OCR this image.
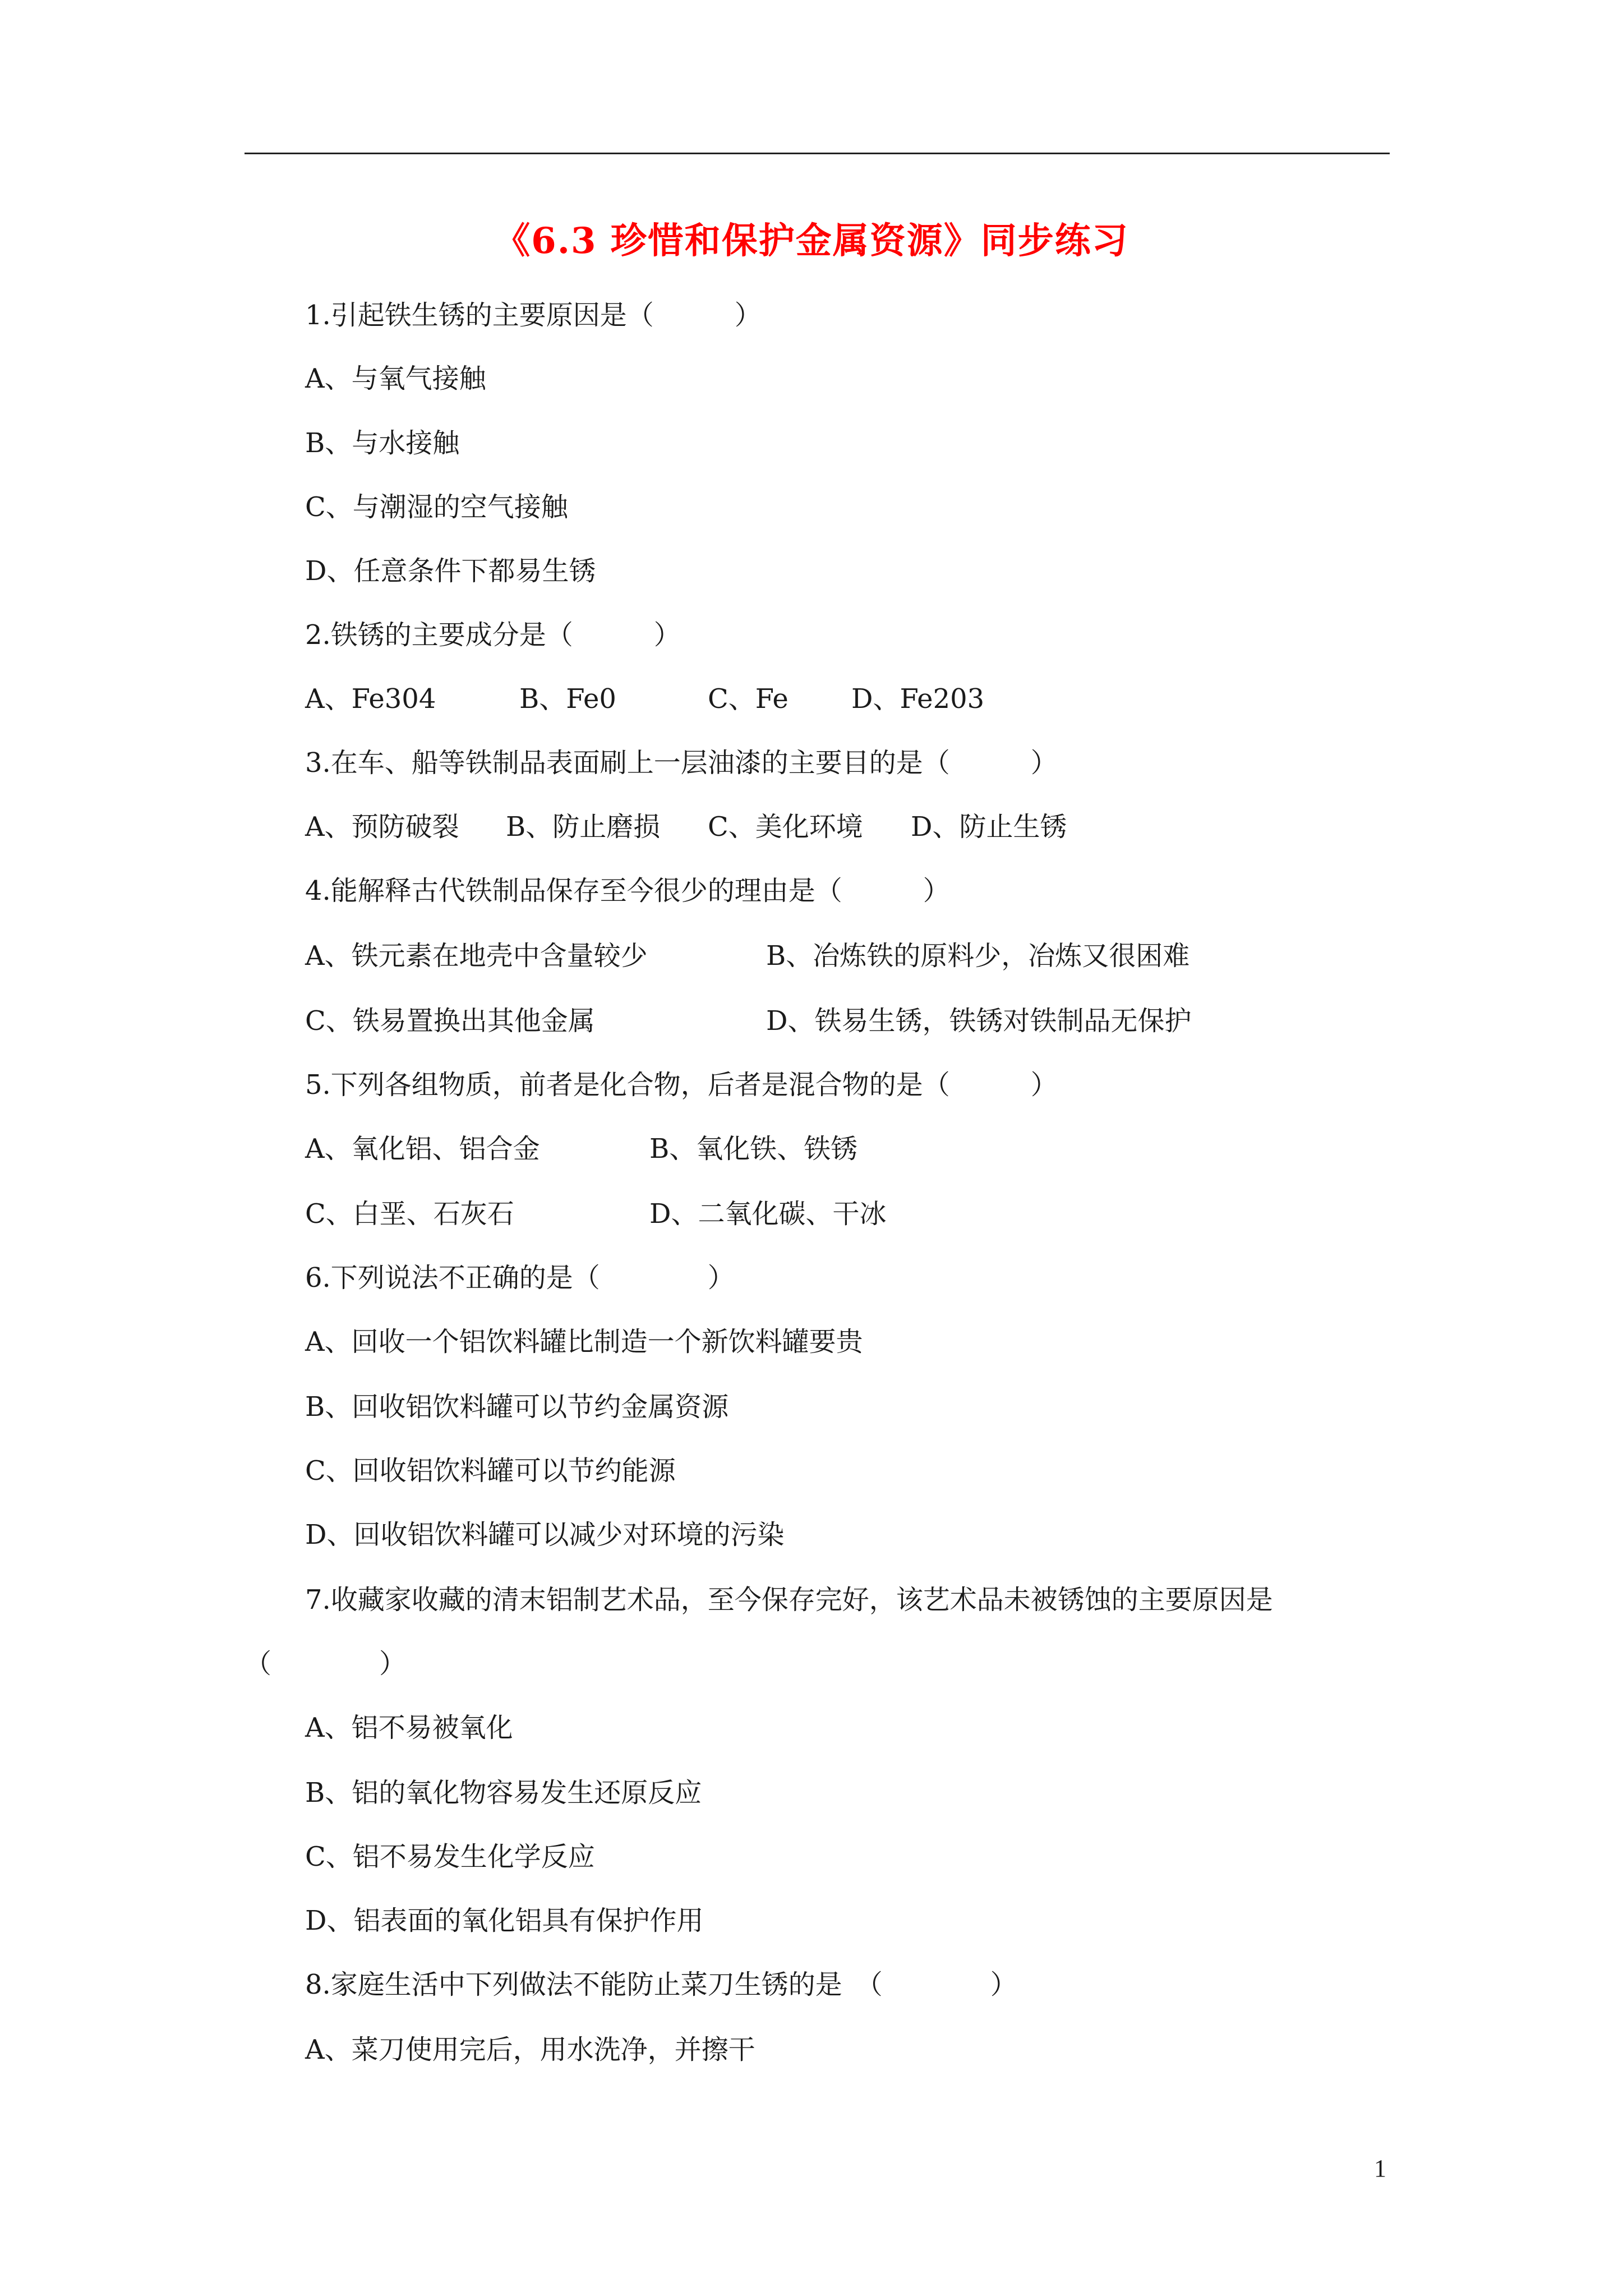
《6.3 珍惜和保护金属资源》同步练习
1.引起铁生锈的主要原因是（　　　）
A、与氧气接触
B、与水接触
C、与潮湿的空气接触
D、任意条件下都易生锈
2.铁锈的主要成分是（　　　）
A、Fe304	B、Fe0	C、Fe D、Fe203
3.在车、船等铁制品表面刷上一层油漆的主要目的是（　　　）
A、预防破裂 B、防止磨损 C、美化环境 D、防止生锈
4.能解释古代铁制品保存至今很少的理由是（　　　）
A、铁元素在地壳中含量较少	B、冶炼铁的原料少，冶炼又很困难
C、铁易置换出其他金属	D、铁易生锈，铁锈对铁制品无保护
5.下列各组物质，前者是化合物，后者是混合物的是（　　　）
A、氧化铝、铝合金	B、氧化铁、铁锈
C、白垩、石灰石	D、二氧化碳、干冰
6.下列说法不正确的是（　　　　）
A、回收一个铝饮料罐比制造一个新饮料罐要贵
B、回收铝饮料罐可以节约金属资源
C、回收铝饮料罐可以节约能源
D、回收铝饮料罐可以减少对环境的污染
7.收藏家收藏的清末铝制艺术品，至今保存完好，该艺术品未被锈蚀的主要原因是
（　　　　）
A、铝不易被氧化
B、铝的氧化物容易发生还原反应
C、铝不易发生化学反应
D、铝表面的氧化铝具有保护作用
8.家庭生活中下列做法不能防止菜刀生锈的是　（　　　　）
A、菜刀使用完后，用水洗净，并擦干
1
